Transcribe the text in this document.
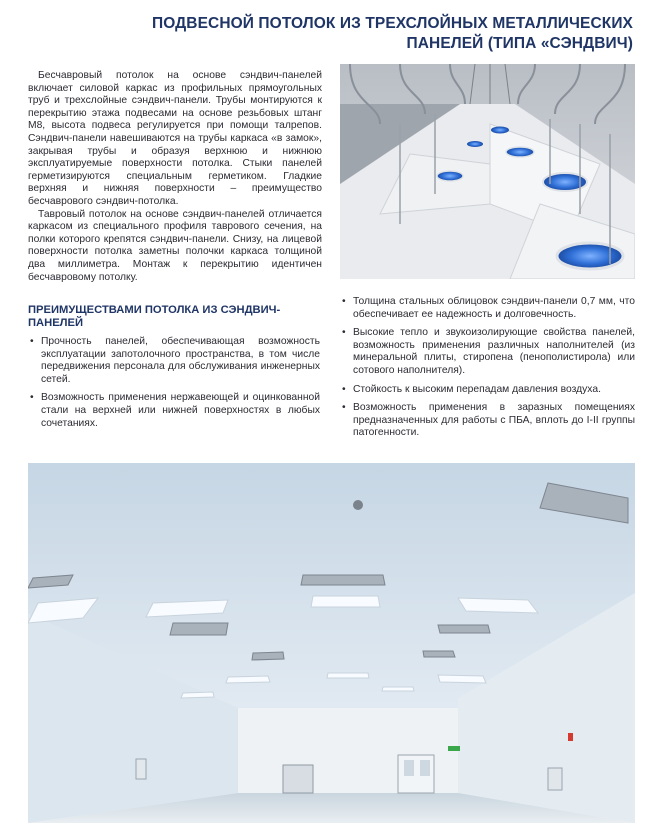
ПОДВЕСНОЙ ПОТОЛОК ИЗ ТРЕХСЛОЙНЫХ МЕТАЛЛИЧЕСКИХ
ПАНЕЛЕЙ (ТИПА «СЭНДВИЧ)

Бесчавровый потолок на основе сэндвич-панелей включает силовой каркас из профильных прямоугольных труб и трехслойные сэндвич-панели. Трубы монтируются к перекрытию этажа подвесами на основе резьбовых штанг М8, высота подвеса регулируется при помощи талрепов. Сэндвич-панели навешиваются на трубы каркаса «в замок», закрывая трубы и образуя верхнюю и нижнюю эксплуатируемые поверхности потолка. Стыки панелей герметизируются специальным герметиком. Гладкие верхняя и нижняя поверхности – преимущество бесчаврового сэндвич-потолка.

Тавровый потолок на основе сэндвич-панелей отличается каркасом из специального профиля таврового сечения, на полки которого крепятся сэндвич-панели. Снизу, на лицевой поверхности потолка заметны полочки каркаса толщиной два миллиметра. Монтаж к перекрытию идентичен бесчавровому потолку.

ПРЕИМУЩЕСТВАМИ ПОТОЛКА ИЗ СЭНДВИЧ-ПАНЕЛЕЙ
• Прочность панелей, обеспечивающая возможность эксплуатации запотолочного пространства, в том числе передвижения персонала для обслуживания инженерных сетей.
• Возможность применения нержавеющей и оцинкованной стали на верхней или нижней поверхностях в любых сочетаниях.
• Толщина стальных облицовок сэндвич-панели 0,7 мм, что обеспечивает ее надежность и долговечность.
• Высокие тепло и звукоизолирующие свойства панелей, возможность применения различных наполнителей (из минеральной плиты, стиропена (пенополистирола) или сотового наполнителя).
• Стойкость к высоким перепадам давления воздуха.
• Возможность применения в заразных помещениях предназначенных для работы с ПБА, вплоть до I-II группы патогенности.
